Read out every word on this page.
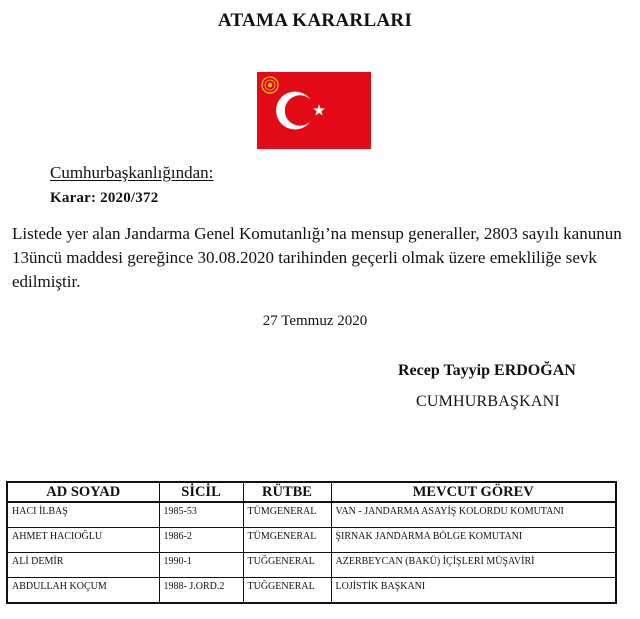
ATAMA KARARLARI
Cumhurbaşkanlığından:
Karar: 2020/372

Listede yer alan Jandarma Genel Komutanlığı’na mensup generaller, 2803 sayılı kanunun 13üncü maddesi gereğince 30.08.2020 tarihinden geçerli olmak üzere emekliliğe sevk edilmiştir.

27 Temmuz 2020
Recep Tayyip ERDOĞAN
CUMHURBAŞKANI
AD SOYAD	SİCİL	RÜTBE	MEVCUT GÖREV
HACI İLBAŞ	1985-53	TÜMGENERAL	VAN - JANDARMA ASAYİŞ KOLORDU KOMUTANI
AHMET HACIOĞLU	1986-2	TÜMGENERAL	ŞIRNAK JANDARMA BÖLGE KOMUTANI
ALİ DEMİR	1990-1	TUĞGENERAL	AZERBEYCAN (BAKÜ) İÇİŞLERİ MÜŞAVİRİ
ABDULLAH KOÇUM	1988- J.ORD.2	TUĞGENERAL	LOJİSTİK BAŞKANI
